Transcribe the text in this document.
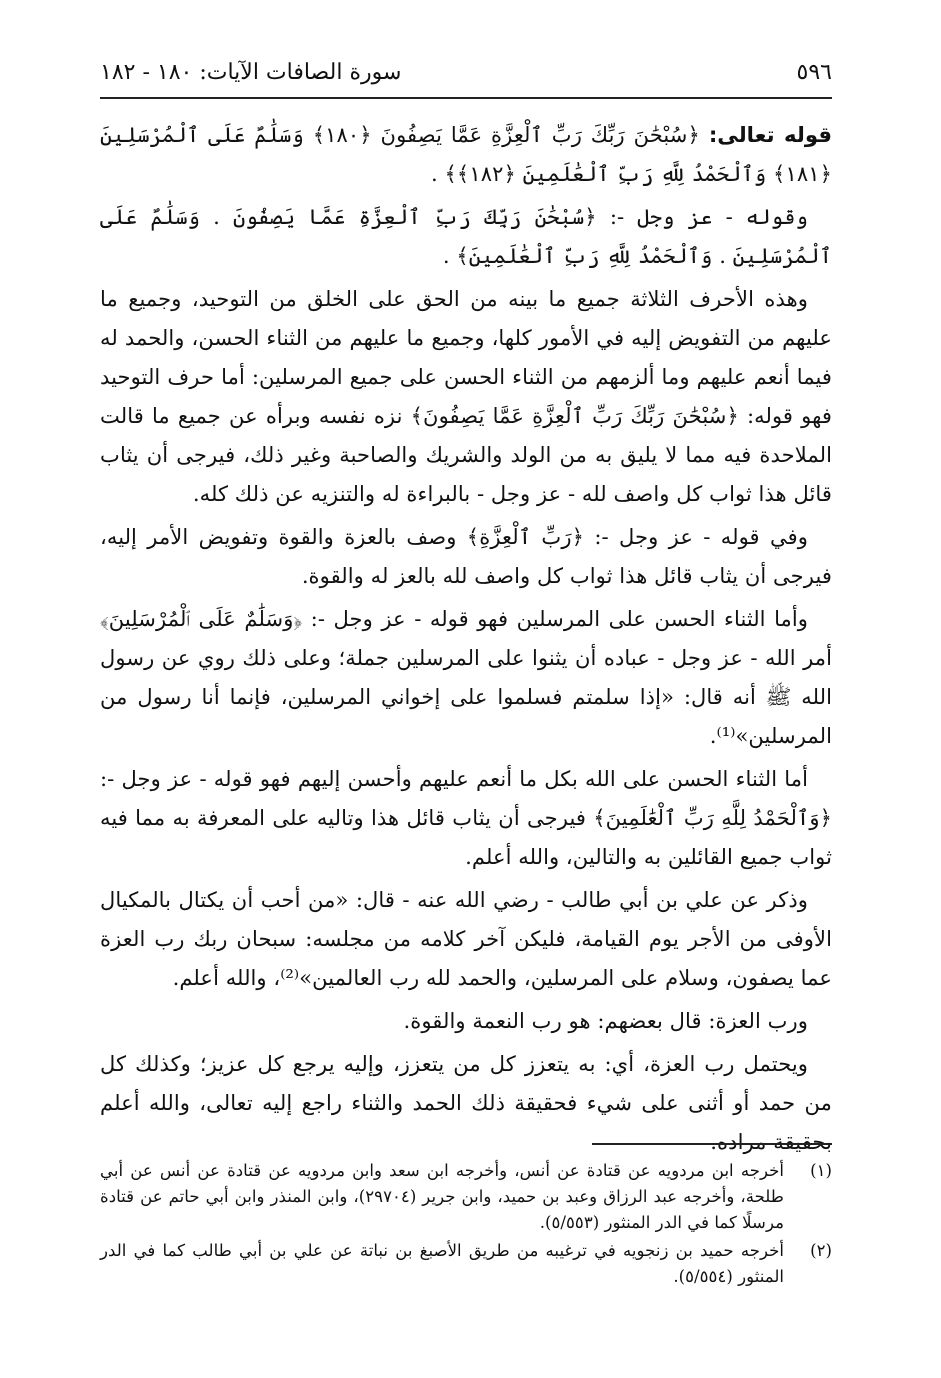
٥٩٦
سورة الصافات الآيات: ١٨٠ - ١٨٢

قوله تعالى: ﴿سُبْحَٰنَ رَبِّكَ رَبِّ ٱلْعِزَّةِ عَمَّا يَصِفُونَ ﴿١٨٠﴾ وَسَلَٰمٌ عَلَى ٱلْمُرْسَلِينَ ﴿١٨١﴾ وَٱلْحَمْدُ لِلَّهِ رَبِّ ٱلْعَٰلَمِينَ ﴿١٨٢﴾﴾ .

وقوله - عز وجل -: ﴿سُبْحَٰنَ رَبِّكَ رَبِّ ٱلْعِزَّةِ عَمَّا يَصِفُونَ . وَسَلَٰمٌ عَلَى ٱلْمُرْسَلِينَ . وَٱلْحَمْدُ لِلَّهِ رَبِّ ٱلْعَٰلَمِينَ﴾ .

وهذه الأحرف الثلاثة جميع ما بينه من الحق على الخلق من التوحيد، وجميع ما عليهم من التفويض إليه في الأمور كلها، وجميع ما عليهم من الثناء الحسن، والحمد له فيما أنعم عليهم وما ألزمهم من الثناء الحسن على جميع المرسلين: أما حرف التوحيد فهو قوله: ﴿سُبْحَٰنَ رَبِّكَ رَبِّ ٱلْعِزَّةِ عَمَّا يَصِفُونَ﴾ نزه نفسه وبرأه عن جميع ما قالت الملاحدة فيه مما لا يليق به من الولد والشريك والصاحبة وغير ذلك، فيرجى أن يثاب قائل هذا ثواب كل واصف لله - عز وجل - بالبراءة له والتنزيه عن ذلك كله.

وفي قوله - عز وجل -: ﴿رَبِّ ٱلْعِزَّةِ﴾ وصف بالعزة والقوة وتفويض الأمر إليه، فيرجى أن يثاب قائل هذا ثواب كل واصف لله بالعز له والقوة.

وأما الثناء الحسن على المرسلين فهو قوله - عز وجل -: ﴿وَسَلَٰمٌ عَلَى ٱلْمُرْسَلِينَ﴾ أمر الله - عز وجل - عباده أن يثنوا على المرسلين جملة؛ وعلى ذلك روي عن رسول الله ﷺ أنه قال: «إذا سلمتم فسلموا على إخواني المرسلين، فإنما أنا رسول من المرسلين»⁽¹⁾.

أما الثناء الحسن على الله بكل ما أنعم عليهم وأحسن إليهم فهو قوله - عز وجل -: ﴿وَٱلْحَمْدُ لِلَّهِ رَبِّ ٱلْعَٰلَمِينَ﴾ فيرجى أن يثاب قائل هذا وتاليه على المعرفة به مما فيه ثواب جميع القائلين به والتالين، والله أعلم.

وذكر عن علي بن أبي طالب - رضي الله عنه - قال: «من أحب أن يكتال بالمكيال الأوفى من الأجر يوم القيامة، فليكن آخر كلامه من مجلسه: سبحان ربك رب العزة عما يصفون، وسلام على المرسلين، والحمد لله رب العالمين»⁽²⁾، والله أعلم.

ورب العزة: قال بعضهم: هو رب النعمة والقوة.

ويحتمل رب العزة، أي: به يتعزز كل من يتعزز، وإليه يرجع كل عزيز؛ وكذلك كل من حمد أو أثنى على شيء فحقيقة ذلك الحمد والثناء راجع إليه تعالى، والله أعلم بحقيقة مراده.

(١)
أخرجه ابن مردويه عن قتادة عن أنس، وأخرجه ابن سعد وابن مردويه عن قتادة عن أنس عن أبي طلحة، وأخرجه عبد الرزاق وعبد بن حميد، وابن جرير (٢٩٧٠٤)، وابن المنذر وابن أبي حاتم عن قتادة مرسلًا كما في الدر المنثور (٥/٥٥٣).
(٢)
أخرجه حميد بن زنجويه في ترغيبه من طريق الأصبغ بن نباتة عن علي بن أبي طالب كما في الدر المنثور (٥/٥٥٤).
